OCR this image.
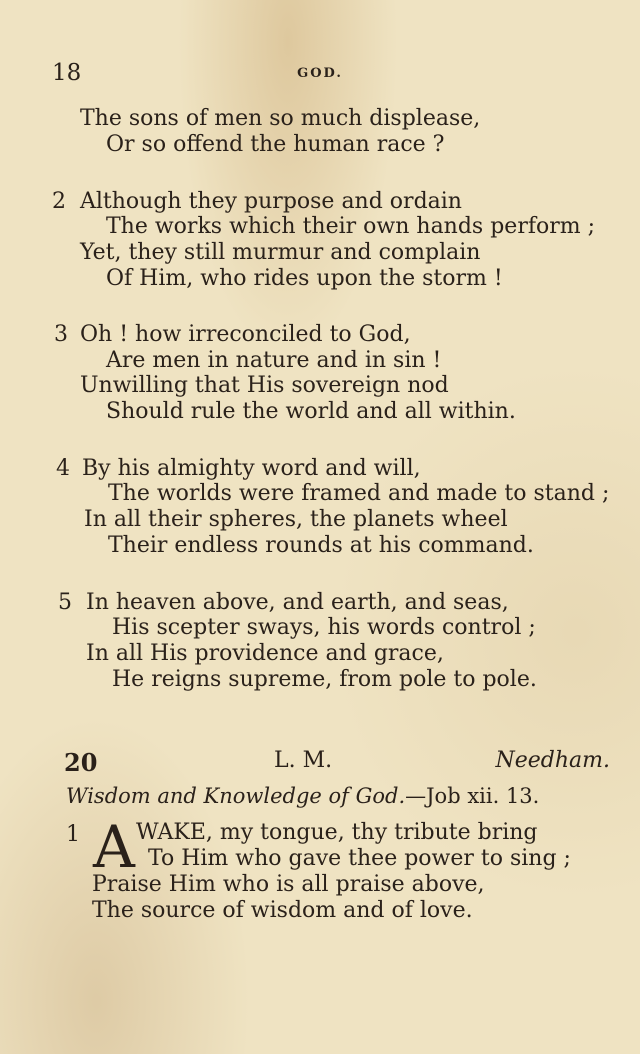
18	GOD.
The sons of men so much displease,
Or so offend the human race ?
2 Although they purpose and ordain
The works which their own hands perform ;
Yet, they still murmur and complain
Of Him, who rides upon the storm !
3 Oh ! how irreconciled to God,
Are men in nature and in sin !
Unwilling that His sovereign nod
Should rule the world and all within.
4 By his almighty word and will,
The worlds were framed and made to stand ;
In all their spheres, the planets wheel
Their endless rounds at his command.
5 In heaven above, and earth, and seas,
His scepter sways, his words control ;
In all His providence and grace,
He reigns supreme, from pole to pole.
20	L. M.	Needham.
Wisdom and Knowledge of God.—Job xii. 13.
1 A WAKE, my tongue, thy tribute bring
To Him who gave thee power to sing ;
Praise Him who is all praise above,
The source of wisdom and of love.
